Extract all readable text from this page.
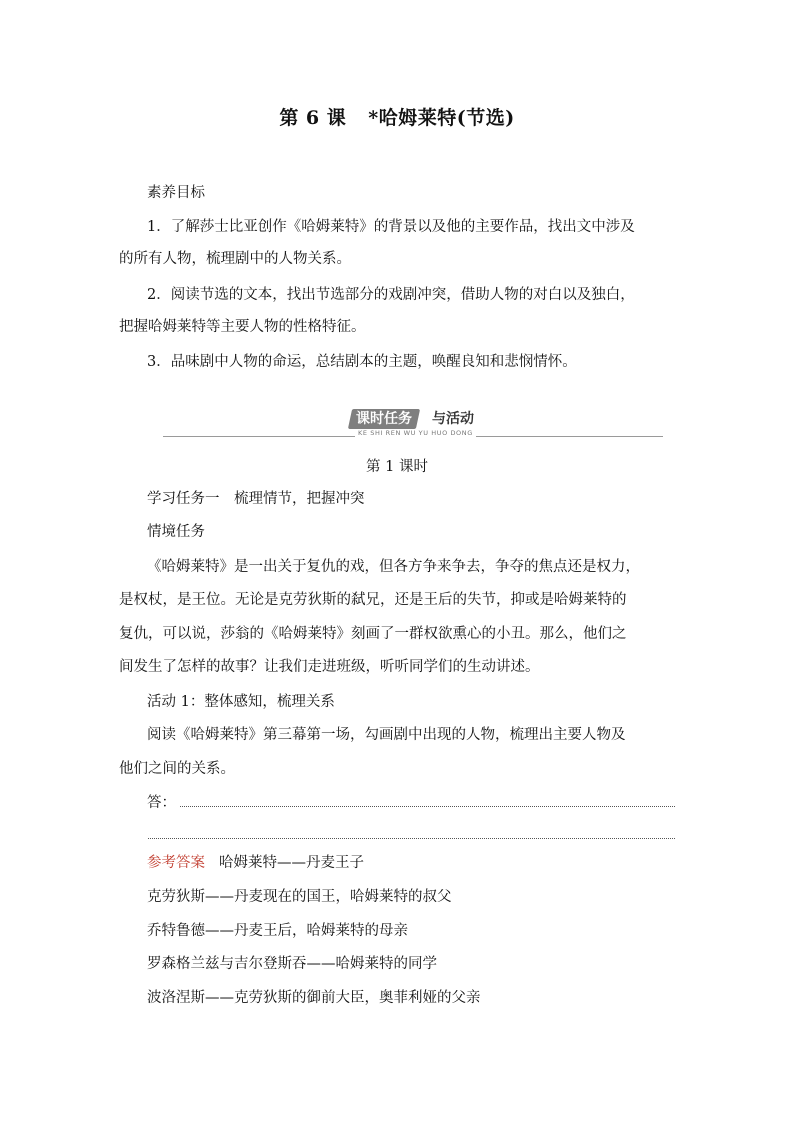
第 6 课 *哈姆莱特(节选)
素养目标
1．了解莎士比亚创作《哈姆莱特》的背景以及他的主要作品，找出文中涉及
的所有人物，梳理剧中的人物关系。
2．阅读节选的文本，找出节选部分的戏剧冲突，借助人物的对白以及独白，
把握哈姆莱特等主要人物的性格特征。
3．品味剧中人物的命运，总结剧本的主题，唤醒良知和悲悯情怀。
课时任务	与活动
KE SHI REN WU YU HUO DONG
第 1 课时
学习任务一　梳理情节，把握冲突
情境任务
《哈姆莱特》是一出关于复仇的戏，但各方争来争去，争夺的焦点还是权力，
是权杖，是王位。无论是克劳狄斯的弑兄，还是王后的失节，抑或是哈姆莱特的
复仇，可以说，莎翁的《哈姆莱特》刻画了一群权欲熏心的小丑。那么，他们之
间发生了怎样的故事？让我们走进班级，听听同学们的生动讲述。
活动 1：整体感知，梳理关系
阅读《哈姆莱特》第三幕第一场，勾画剧中出现的人物，梳理出主要人物及
他们之间的关系。
答：
参考答案 哈姆莱特——丹麦王子
克劳狄斯——丹麦现在的国王，哈姆莱特的叔父
乔特鲁德——丹麦王后，哈姆莱特的母亲
罗森格兰兹与吉尔登斯吞——哈姆莱特的同学
波洛涅斯——克劳狄斯的御前大臣，奥菲利娅的父亲
